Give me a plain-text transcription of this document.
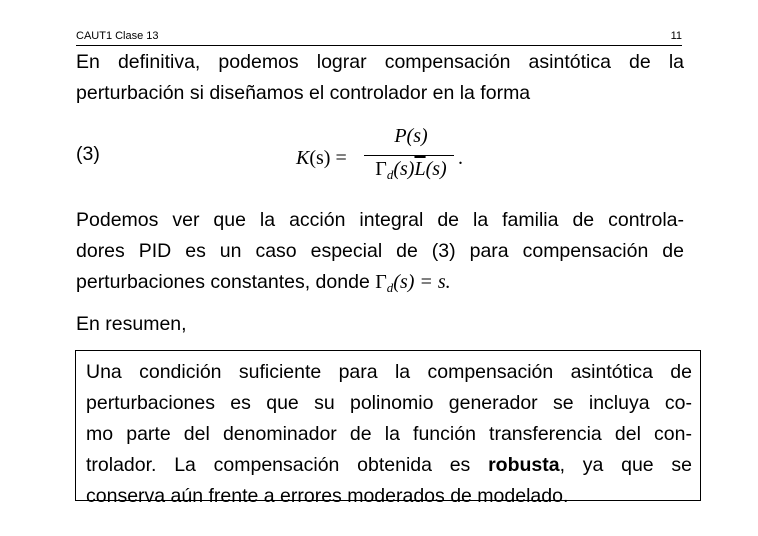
CAUT1 Clase 13	11
En definitiva, podemos lograr compensación asintótica de la
perturbación si diseñamos el controlador en la forma
(3)	K(s) =
P(s)
$\Gamma_d(s)\overline{L}(s)$ .
Podemos ver que la acción integral de la familia de controla-
dores PID es un caso especial de (3) para compensación de
perturbaciones constantes, donde $\Gamma_d(s) = s$.
En resumen,
Una condición suficiente para la compensación asintótica de
perturbaciones es que su polinomio generador se incluya co-
mo parte del denominador de la función transferencia del con-
trolador. La compensación obtenida es robusta, ya que se
conserva aún frente a errores moderados de modelado.
